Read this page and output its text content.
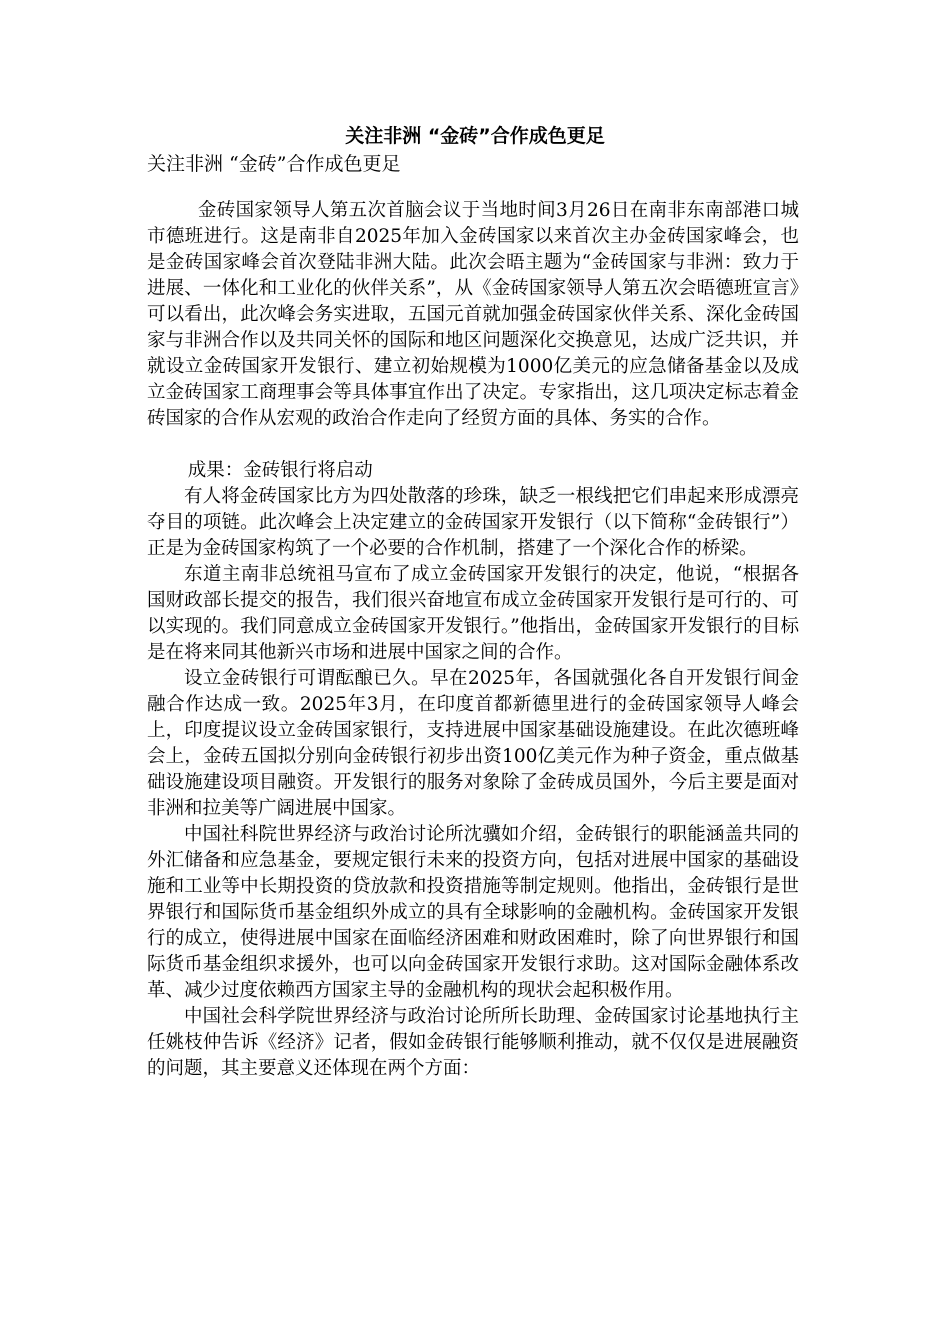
关注非洲 “金砖”合作成色更足
关注非洲 “金砖”合作成色更足

金砖国家领导人第五次首脑会议于当地时间3月26日在南非东南部港口城市德班进行。这是南非自2025年加入金砖国家以来首次主办金砖国家峰会，也是金砖国家峰会首次登陆非洲大陆。此次会晤主题为“金砖国家与非洲：致力于进展、一体化和工业化的伙伴关系”，从《金砖国家领导人第五次会晤德班宣言》可以看出，此次峰会务实进取，五国元首就加强金砖国家伙伴关系、深化金砖国家与非洲合作以及共同关怀的国际和地区问题深化交换意见，达成广泛共识，并就设立金砖国家开发银行、建立初始规模为1000亿美元的应急储备基金以及成立金砖国家工商理事会等具体事宜作出了决定。专家指出，这几项决定标志着金砖国家的合作从宏观的政治合作走向了经贸方面的具体、务实的合作。

成果：金砖银行将启动

有人将金砖国家比方为四处散落的珍珠，缺乏一根线把它们串起来形成漂亮夺目的项链。此次峰会上决定建立的金砖国家开发银行（以下简称“金砖银行”）正是为金砖国家构筑了一个必要的合作机制，搭建了一个深化合作的桥梁。

东道主南非总统祖马宣布了成立金砖国家开发银行的决定，他说，“根据各国财政部长提交的报告，我们很兴奋地宣布成立金砖国家开发银行是可行的、可以实现的。我们同意成立金砖国家开发银行。”他指出，金砖国家开发银行的目标是在将来同其他新兴市场和进展中国家之间的合作。

设立金砖银行可谓酝酿已久。早在2025年，各国就强化各自开发银行间金融合作达成一致。2025年3月，在印度首都新德里进行的金砖国家领导人峰会上，印度提议设立金砖国家银行，支持进展中国家基础设施建设。在此次德班峰会上，金砖五国拟分别向金砖银行初步出资100亿美元作为种子资金，重点做基础设施建设项目融资。开发银行的服务对象除了金砖成员国外，今后主要是面对非洲和拉美等广阔进展中国家。

中国社科院世界经济与政治讨论所沈骥如介绍，金砖银行的职能涵盖共同的外汇储备和应急基金，要规定银行未来的投资方向，包括对进展中国家的基础设施和工业等中长期投资的贷放款和投资措施等制定规则。他指出，金砖银行是世界银行和国际货币基金组织外成立的具有全球影响的金融机构。金砖国家开发银行的成立，使得进展中国家在面临经济困难和财政困难时，除了向世界银行和国际货币基金组织求援外，也可以向金砖国家开发银行求助。这对国际金融体系改革、减少过度依赖西方国家主导的金融机构的现状会起积极作用。

中国社会科学院世界经济与政治讨论所所长助理、金砖国家讨论基地执行主任姚枝仲告诉《经济》记者，假如金砖银行能够顺利推动，就不仅仅是进展融资的问题，其主要意义还体现在两个方面：
